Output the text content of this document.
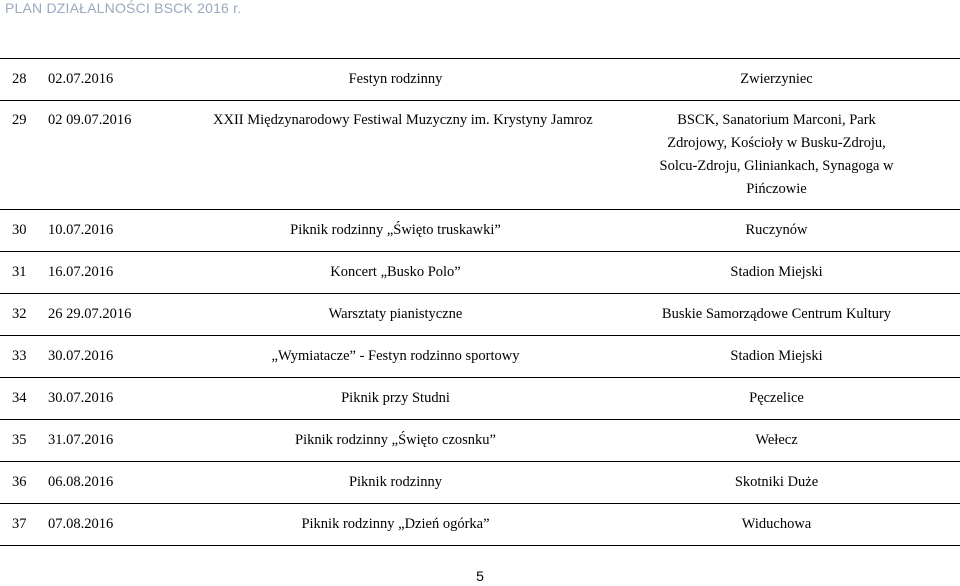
PLAN DZIAŁALNOŚCI BSCK 2016 r.
28	02.07.2016	Festyn rodzinny	Zwierzyniec
29	02 09.07.2016	XXII Międzynarodowy Festiwal Muzyczny im. Krystyny Jamroz	BSCK, Sanatorium Marconi, Park Zdrojowy, Kościoły w Busku-Zdroju, Solcu-Zdroju, Gliniankach, Synagoga w Pińczowie

30	10.07.2016	Piknik rodzinny „Święto truskawki”	Ruczynów
31	16.07.2016	Koncert „Busko Polo”	Stadion Miejski
32	26 29.07.2016	Warsztaty pianistyczne	Buskie Samorządowe Centrum Kultury
33	30.07.2016	„Wymiatacze” - Festyn rodzinno sportowy	Stadion Miejski
34	30.07.2016	Piknik przy Studni	Pęczelice
35	31.07.2016	Piknik rodzinny „Święto czosnku”	Wełecz
36	06.08.2016	Piknik rodzinny	Skotniki Duże
37	07.08.2016	Piknik rodzinny „Dzień ogórka”	Widuchowa
5
